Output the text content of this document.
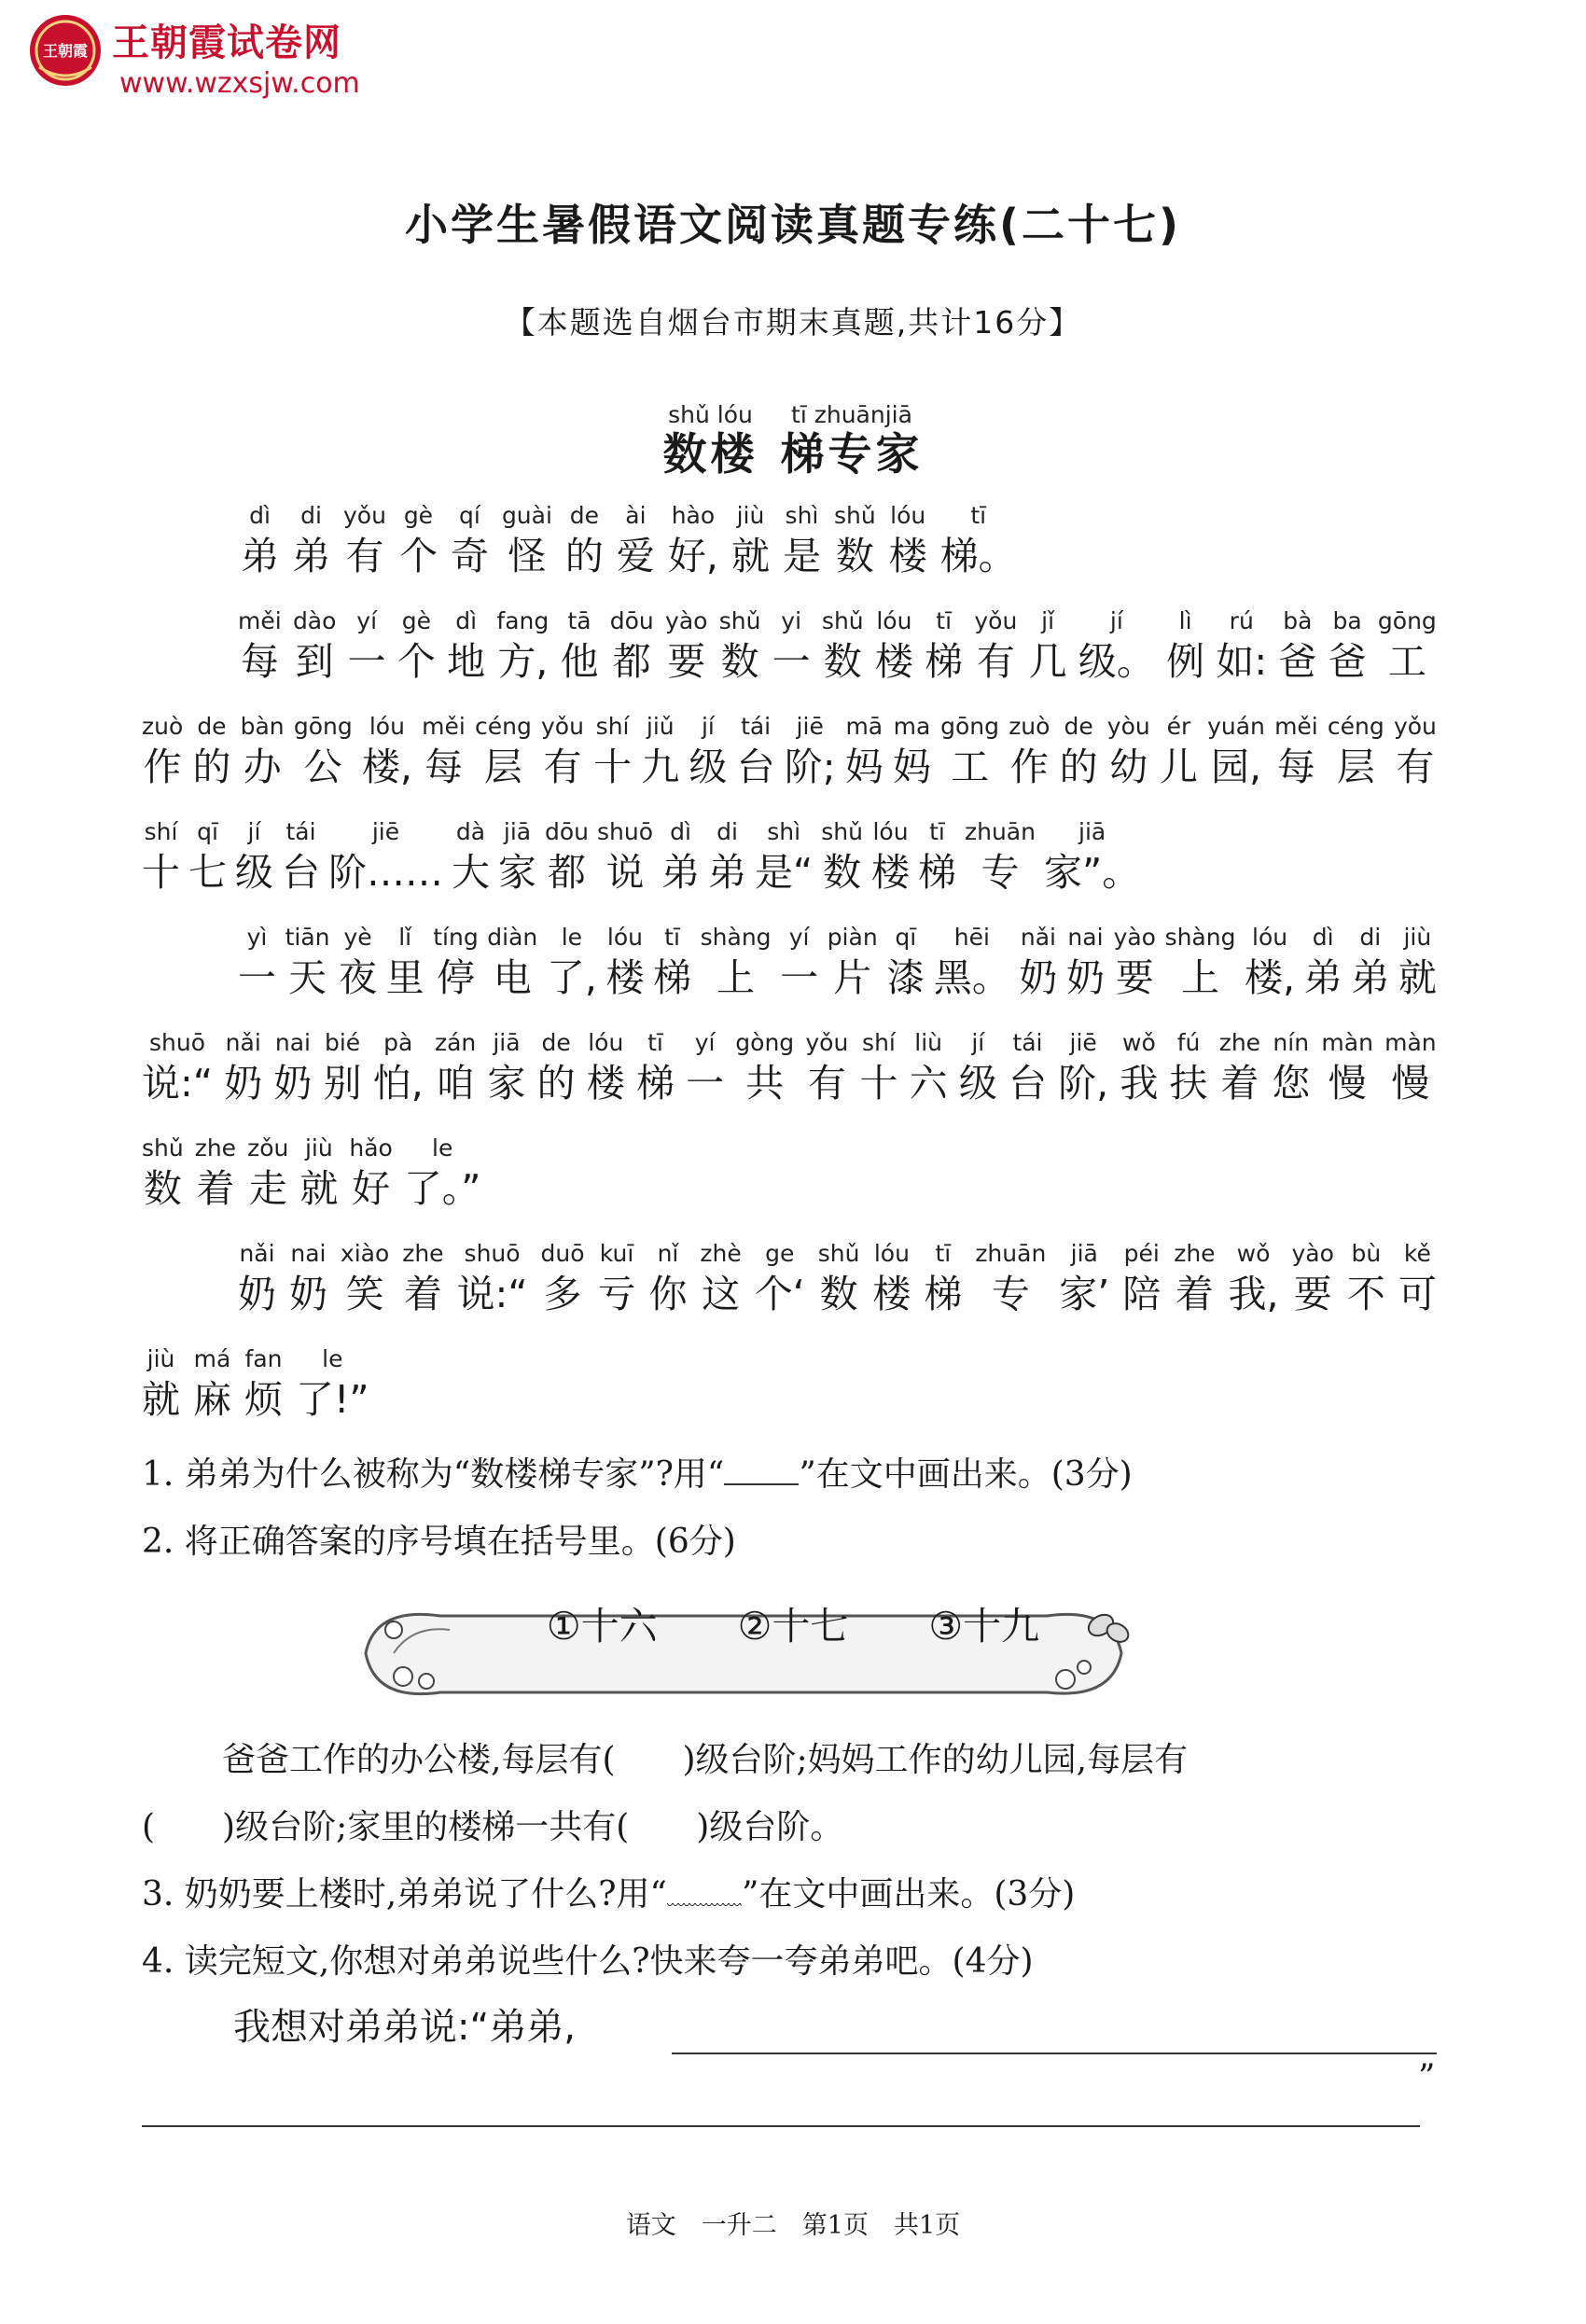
王朝霞 王朝霞试卷网
www.wzxsjw.com
小学生暑假语文阅读真题专练(二十七)
【本题选自烟台市期末真题,共计16分】
shǔ lóu
数楼
tī zhuānjiā
梯专家
dì
弟
di
弟
yǒu
有
gè
个
qí
奇
guài
怪
de
的
ài
爱
hào
好,
jiù
就
shì
是
shǔ
数
lóu
楼
tī
梯。
měi
每
dào
到
yí
一
gè
个
dì
地
fang
方,
tā
他
dōu
都
yào
要
shǔ
数
yi
一
shǔ
数
lóu
楼
tī
梯
yǒu
有
jǐ
几
jí
级。
lì
例
rú
如:
bà
爸
ba
爸
gōng
工
zuò
作
de
的
bàn
办
gōng
公
lóu
楼,
měi
每
céng
层
yǒu
有
shí
十
jiǔ
九
jí
级
tái
台
jiē
阶;
mā
妈
ma
妈
gōng
工
zuò
作
de
的
yòu
幼
ér
儿
yuán
园,
měi
每
céng
层
yǒu
有
shí
十
qī
七
jí
级
tái
台
jiē
阶……
dà
大
jiā
家
dōu
都
shuō
说
dì
弟
di
弟
shì
是“
shǔ
数
lóu
楼
tī
梯
zhuān
专
jiā
家”。
yì
一
tiān
天
yè
夜
lǐ
里
tíng
停
diàn
电
le
了,
lóu
楼
tī
梯
shàng
上
yí
一
piàn
片
qī
漆
hēi
黑。
nǎi
奶
nai
奶
yào
要
shàng
上
lóu
楼,
dì
弟
di
弟
jiù
就
shuō
说:“
nǎi
奶
nai
奶
bié
别
pà
怕,
zán
咱
jiā
家
de
的
lóu
楼
tī
梯
yí
一
gòng
共
yǒu
有
shí
十
liù
六
jí
级
tái
台
jiē
阶,
wǒ
我
fú
扶
zhe
着
nín
您
màn
慢
màn
慢
shǔ
数
zhe
着
zǒu
走
jiù
就
hǎo
好
le
了。”
nǎi
奶
nai
奶
xiào
笑
zhe
着
shuō
说:“
duō
多
kuī
亏
nǐ
你
zhè
这
ge
个‘
shǔ
数
lóu
楼
tī
梯
zhuān
专
jiā
家’
péi
陪
zhe
着
wǒ
我,
yào
要
bù
不
kě
可
jiù
就
má
麻
fan
烦
le
了!”
1. 弟弟为什么被称为“数楼梯专家”?用“ ”在文中画出来。(3分)
2. 将正确答案的序号填在括号里。(6分)
①十六 ②十七 ③十九
爸爸工作的办公楼,每层有(　　)级台阶;妈妈工作的幼儿园,每层有
(　　)级台阶;家里的楼梯一共有(　　)级台阶。
3. 奶奶要上楼时,弟弟说了什么?用“ ”在文中画出来。(3分)
4. 读完短文,你想对弟弟说些什么?快来夸一夸弟弟吧。(4分)
我想对弟弟说:“弟弟,
”
语文　一升二　第1页　共1页
